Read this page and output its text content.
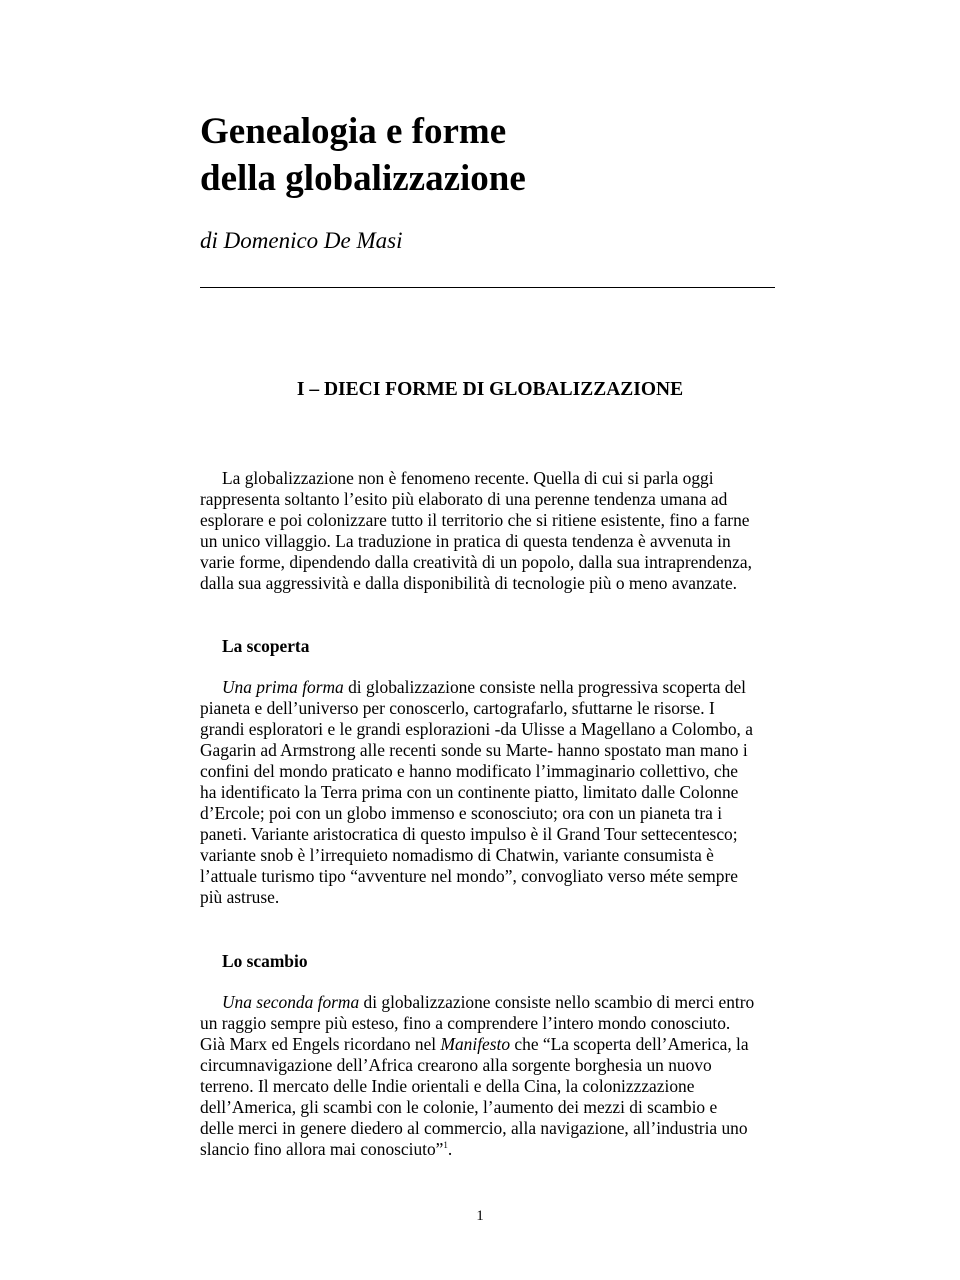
Genealogia e forme
della globalizzazione

di Domenico De Masi

I – DIECI FORME DI GLOBALIZZAZIONE

La globalizzazione non è fenomeno recente. Quella di cui si parla oggi
rappresenta soltanto l’esito più elaborato di una perenne tendenza umana ad
esplorare e poi colonizzare tutto il territorio che si ritiene esistente, fino a farne
un unico villaggio. La traduzione in pratica di questa tendenza è avvenuta in
varie forme, dipendendo dalla creatività di un popolo, dalla sua intraprendenza,
dalla sua aggressività e dalla disponibilità di tecnologie più o meno avanzate.

La scoperta

Una prima forma di globalizzazione consiste nella progressiva scoperta del
pianeta e dell’universo per conoscerlo, cartografarlo, sfuttarne le risorse. I
grandi esploratori e le grandi esplorazioni -da Ulisse a Magellano a Colombo, a
Gagarin ad Armstrong alle recenti sonde su Marte- hanno spostato man mano i
confini del mondo praticato e hanno modificato l’immaginario collettivo, che
ha identificato la Terra prima con un continente piatto, limitato dalle Colonne
d’Ercole; poi con un globo immenso e sconosciuto; ora con un pianeta tra i
paneti. Variante aristocratica di questo impulso è il Grand Tour settecentesco;
variante snob è l’irrequieto nomadismo di Chatwin, variante consumista è
l’attuale turismo tipo “avventure nel mondo”, convogliato verso méte sempre
più astruse.

Lo scambio

Una seconda forma di globalizzazione consiste nello scambio di merci entro
un raggio sempre più esteso, fino a comprendere l’intero mondo conosciuto.
Già Marx ed Engels ricordano nel Manifesto che “La scoperta dell’America, la
circumnavigazione dell’Africa crearono alla sorgente borghesia un nuovo
terreno. Il mercato delle Indie orientali e della Cina, la colonizzzazione
dell’America, gli scambi con le colonie, l’aumento dei mezzi di scambio e
delle merci in genere diedero al commercio, alla navigazione, all’industria uno
slancio fino allora mai conosciuto”$^1$.

1
